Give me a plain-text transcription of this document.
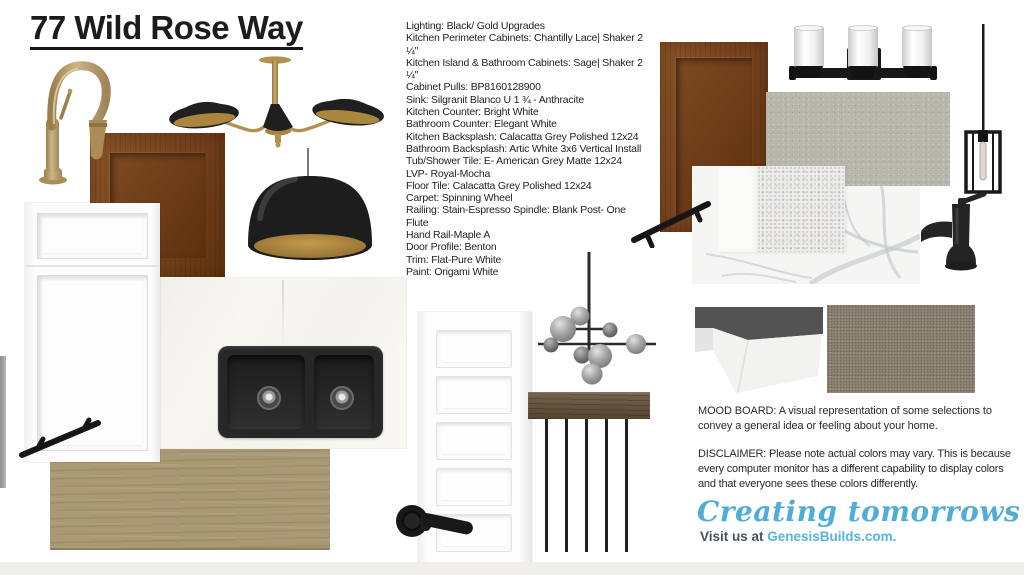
Lighting: Black/ Gold Upgrades
Kitchen Perimeter Cabinets: Chantilly Lace| Shaker 2 ¼''
Kitchen Island & Bathroom Cabinets: Sage| Shaker 2 ¼"
Cabinet Pulls: BP8160128900
Sink: Silgranit Blanco U 1 ¾ - Anthracite
Kitchen Counter: Bright White
Bathroom Counter: Elegant White
Kitchen Backsplash: Calacatta Grey Polished 12x24
Bathroom Backsplash: Artic White 3x6 Vertical Install
Tub/Shower Tile: E- American Grey Matte 12x24
LVP- Royal-Mocha
Floor Tile: Calacatta Grey Polished 12x24
Carpet: Spinning Wheel
Railing: Stain-Espresso Spindle: Blank Post- One Flute
Hand Rail-Maple A
Door Profile: Benton
Trim: Flat-Pure White
Paint: Origami White
MOOD BOARD: A visual representation of some selections to convey a general idea or feeling about your home.
DISCLAIMER: Please note actual colors may vary. This is because every computer monitor has a different capability to display colors and that everyone sees these colors differently.
Creating tomorrows
Visit us at GenesisBuilds.com.
77 Wild Rose Way
